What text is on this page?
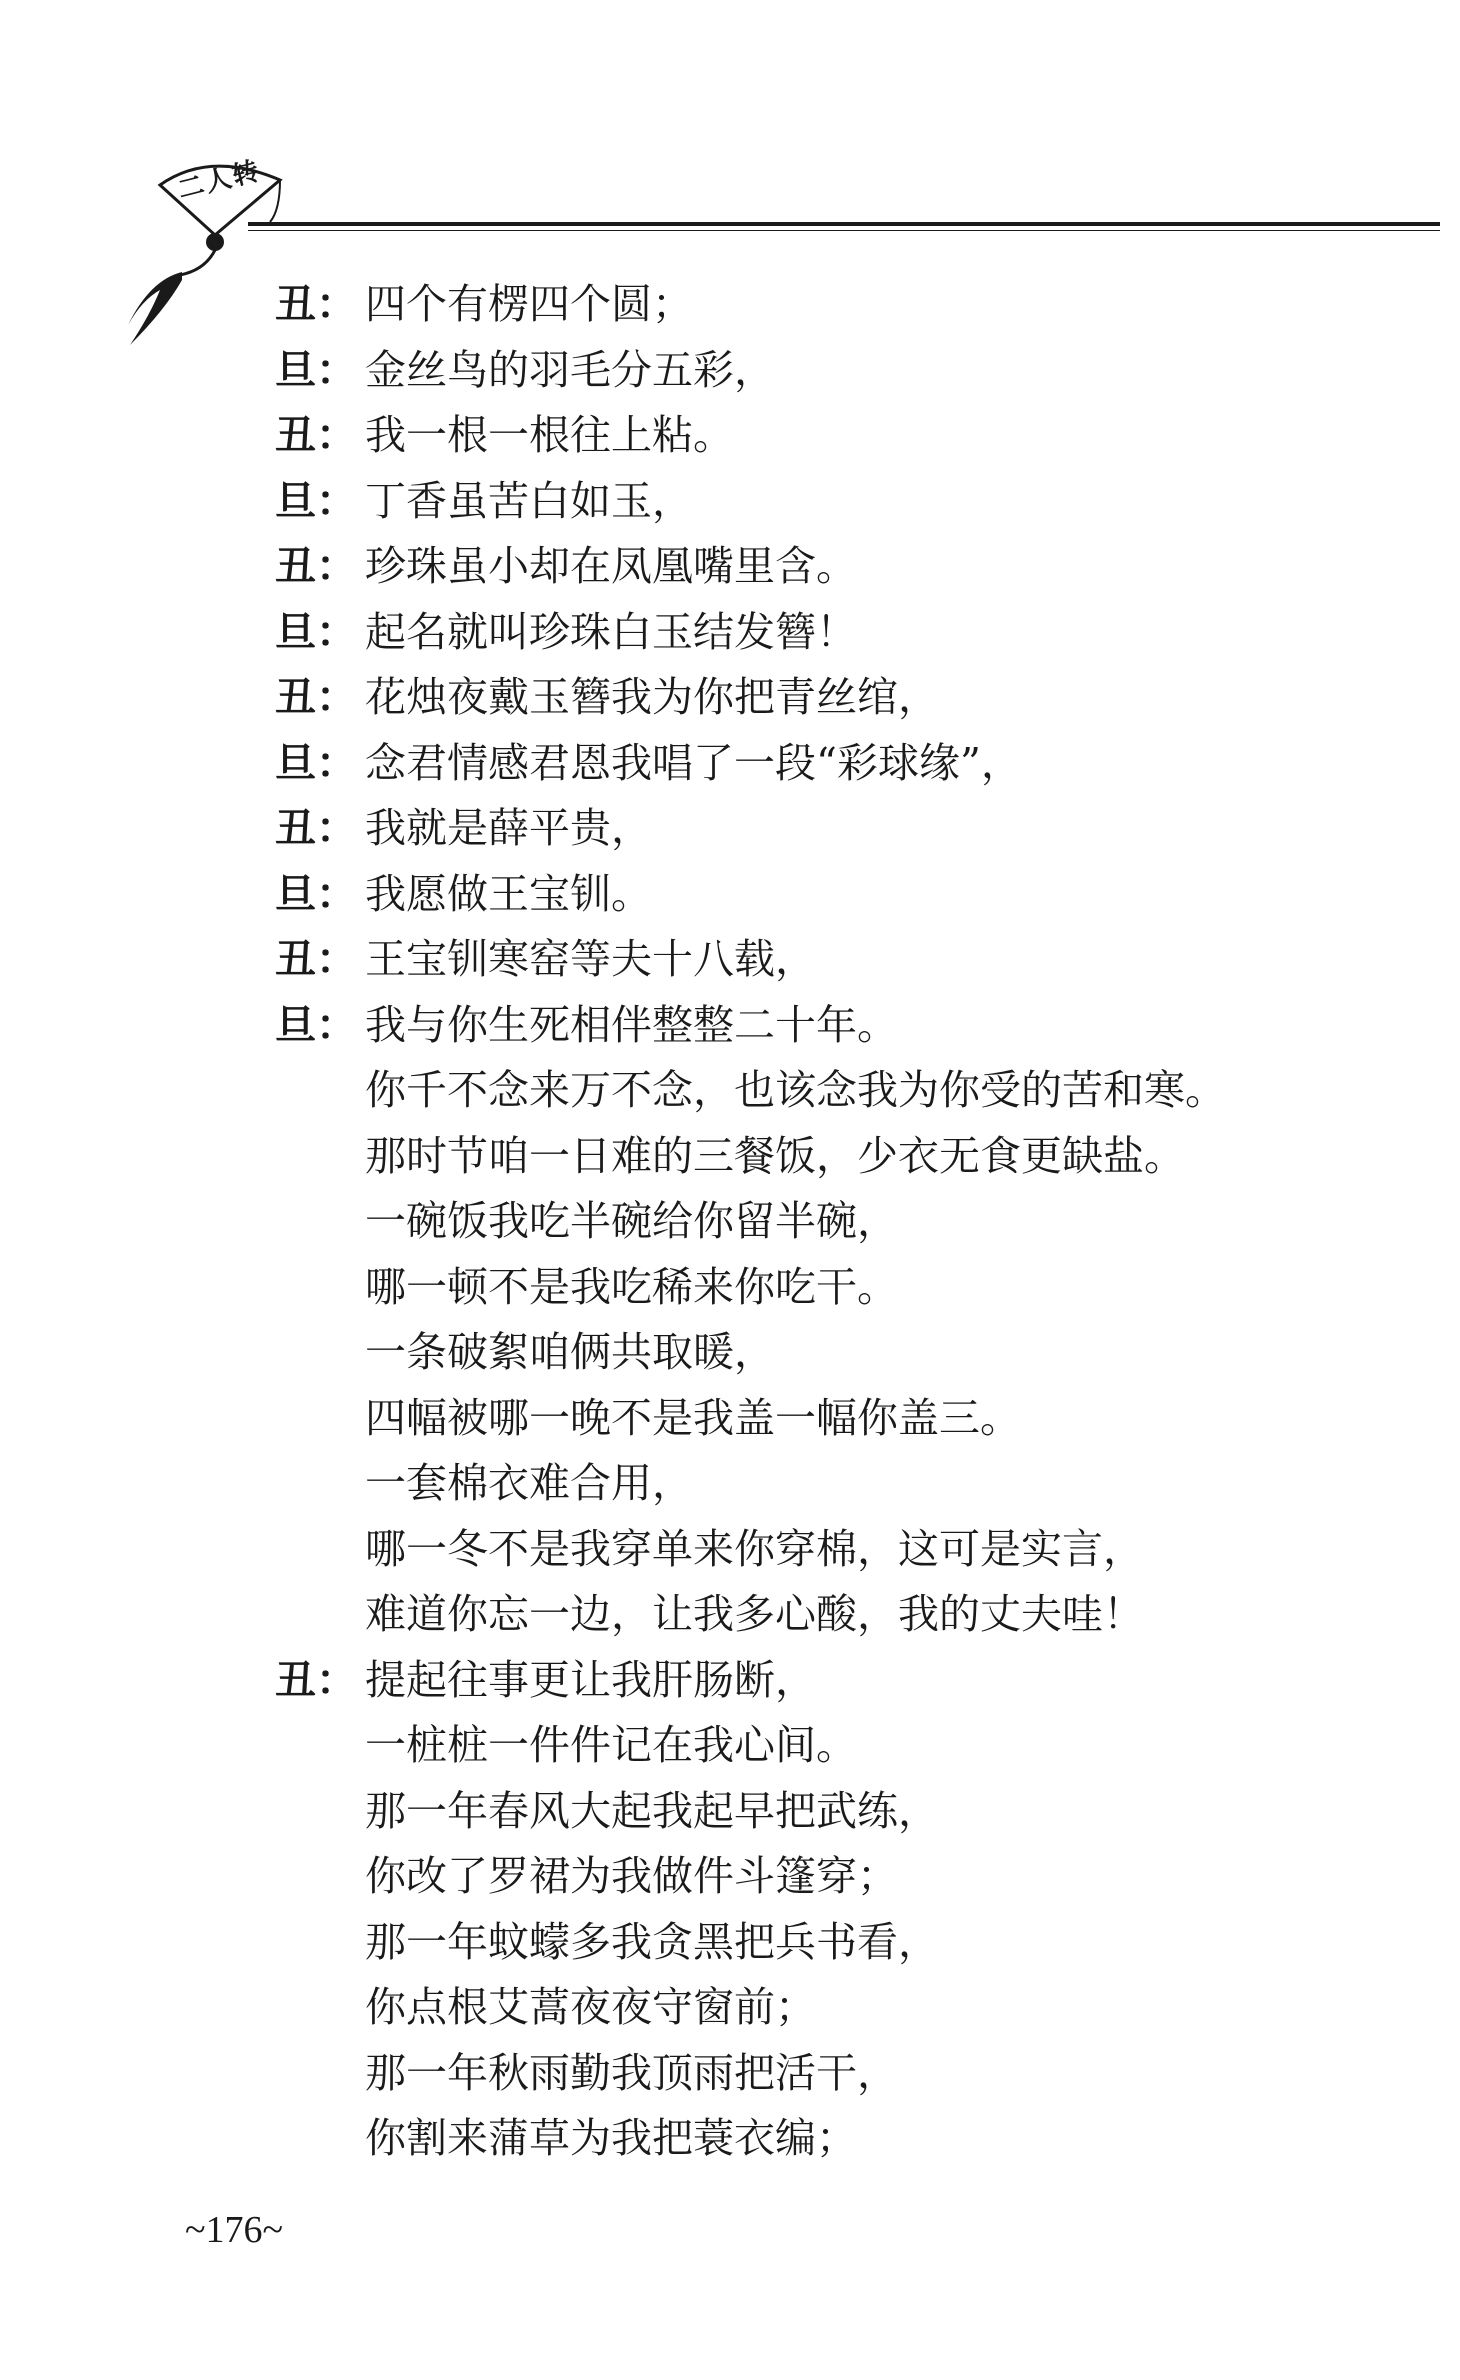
二人转
丑： 四个有楞四个圆；
旦： 金丝鸟的羽毛分五彩，
丑： 我一根一根往上粘。
旦： 丁香虽苦白如玉，
丑： 珍珠虽小却在凤凰嘴里含。
旦： 起名就叫珍珠白玉结发簪！
丑： 花烛夜戴玉簪我为你把青丝绾，
旦： 念君情感君恩我唱了一段“彩球缘”，
丑： 我就是薛平贵，
旦： 我愿做王宝钏。
丑： 王宝钏寒窑等夫十八载，
旦： 我与你生死相伴整整二十年。
你千不念来万不念，也该念我为你受的苦和寒。
那时节咱一日难的三餐饭，少衣无食更缺盐。
一碗饭我吃半碗给你留半碗，
哪一顿不是我吃稀来你吃干。
一条破絮咱俩共取暖，
四幅被哪一晚不是我盖一幅你盖三。
一套棉衣难合用，
哪一冬不是我穿单来你穿棉，这可是实言，
难道你忘一边，让我多心酸，我的丈夫哇！
丑： 提起往事更让我肝肠断，
一桩桩一件件记在我心间。
那一年春风大起我起早把武练，
你改了罗裙为我做件斗篷穿；
那一年蚊蠓多我贪黑把兵书看，
你点根艾蒿夜夜守窗前；
那一年秋雨勤我顶雨把活干，
你割来蒲草为我把蓑衣编；
~176~
